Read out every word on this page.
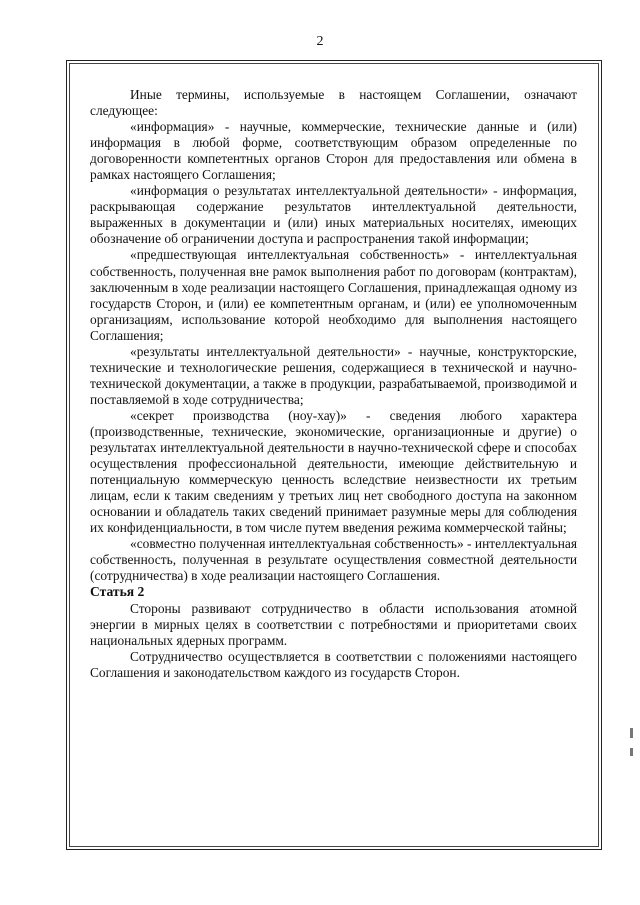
2

Иные термины, используемые в настоящем Соглашении, означают следующее:

«информация» - научные, коммерческие, технические данные и (или) информация в любой форме, соответствующим образом определенные по договоренности компетентных органов Сторон для предоставления или обмена в рамках настоящего Соглашения;

«информация о результатах интеллектуальной деятельности» - информация, раскрывающая содержание результатов интеллектуальной деятельности, выраженных в документации и (или) иных материальных носителях, имеющих обозначение об ограничении доступа и распространения такой информации;

«предшествующая интеллектуальная собственность» - интеллектуальная собственность, полученная вне рамок выполнения работ по договорам (контрактам), заключенным в ходе реализации настоящего Соглашения, принадлежащая одному из государств Сторон, и (или) ее компетентным органам, и (или) ее уполномоченным организациям, использование которой необходимо для выполнения настоящего Соглашения;

«результаты интеллектуальной деятельности» - научные, конструкторские, технические и технологические решения, содержащиеся в технической и научно-технической документации, а также в продукции, разрабатываемой, производимой и поставляемой в ходе сотрудничества;

«секрет производства (ноу-хау)» - сведения любого характера (производственные, технические, экономические, организационные и другие) о результатах интеллектуальной деятельности в научно-технической сфере и способах осуществления профессиональной деятельности, имеющие действительную и потенциальную коммерческую ценность вследствие неизвестности их третьим лицам, если к таким сведениям у третьих лиц нет свободного доступа на законном основании и обладатель таких сведений принимает разумные меры для соблюдения их конфиденциальности, в том числе путем введения режима коммерческой тайны;

«совместно полученная интеллектуальная собственность» - интеллектуальная собственность, полученная в результате осуществления совместной деятельности (сотрудничества) в ходе реализации настоящего Соглашения.

Статья 2

Стороны развивают сотрудничество в области использования атомной энергии в мирных целях в соответствии с потребностями и приоритетами своих национальных ядерных программ.

Сотрудничество осуществляется в соответствии с положениями настоящего Соглашения и законодательством каждого из государств Сторон.
